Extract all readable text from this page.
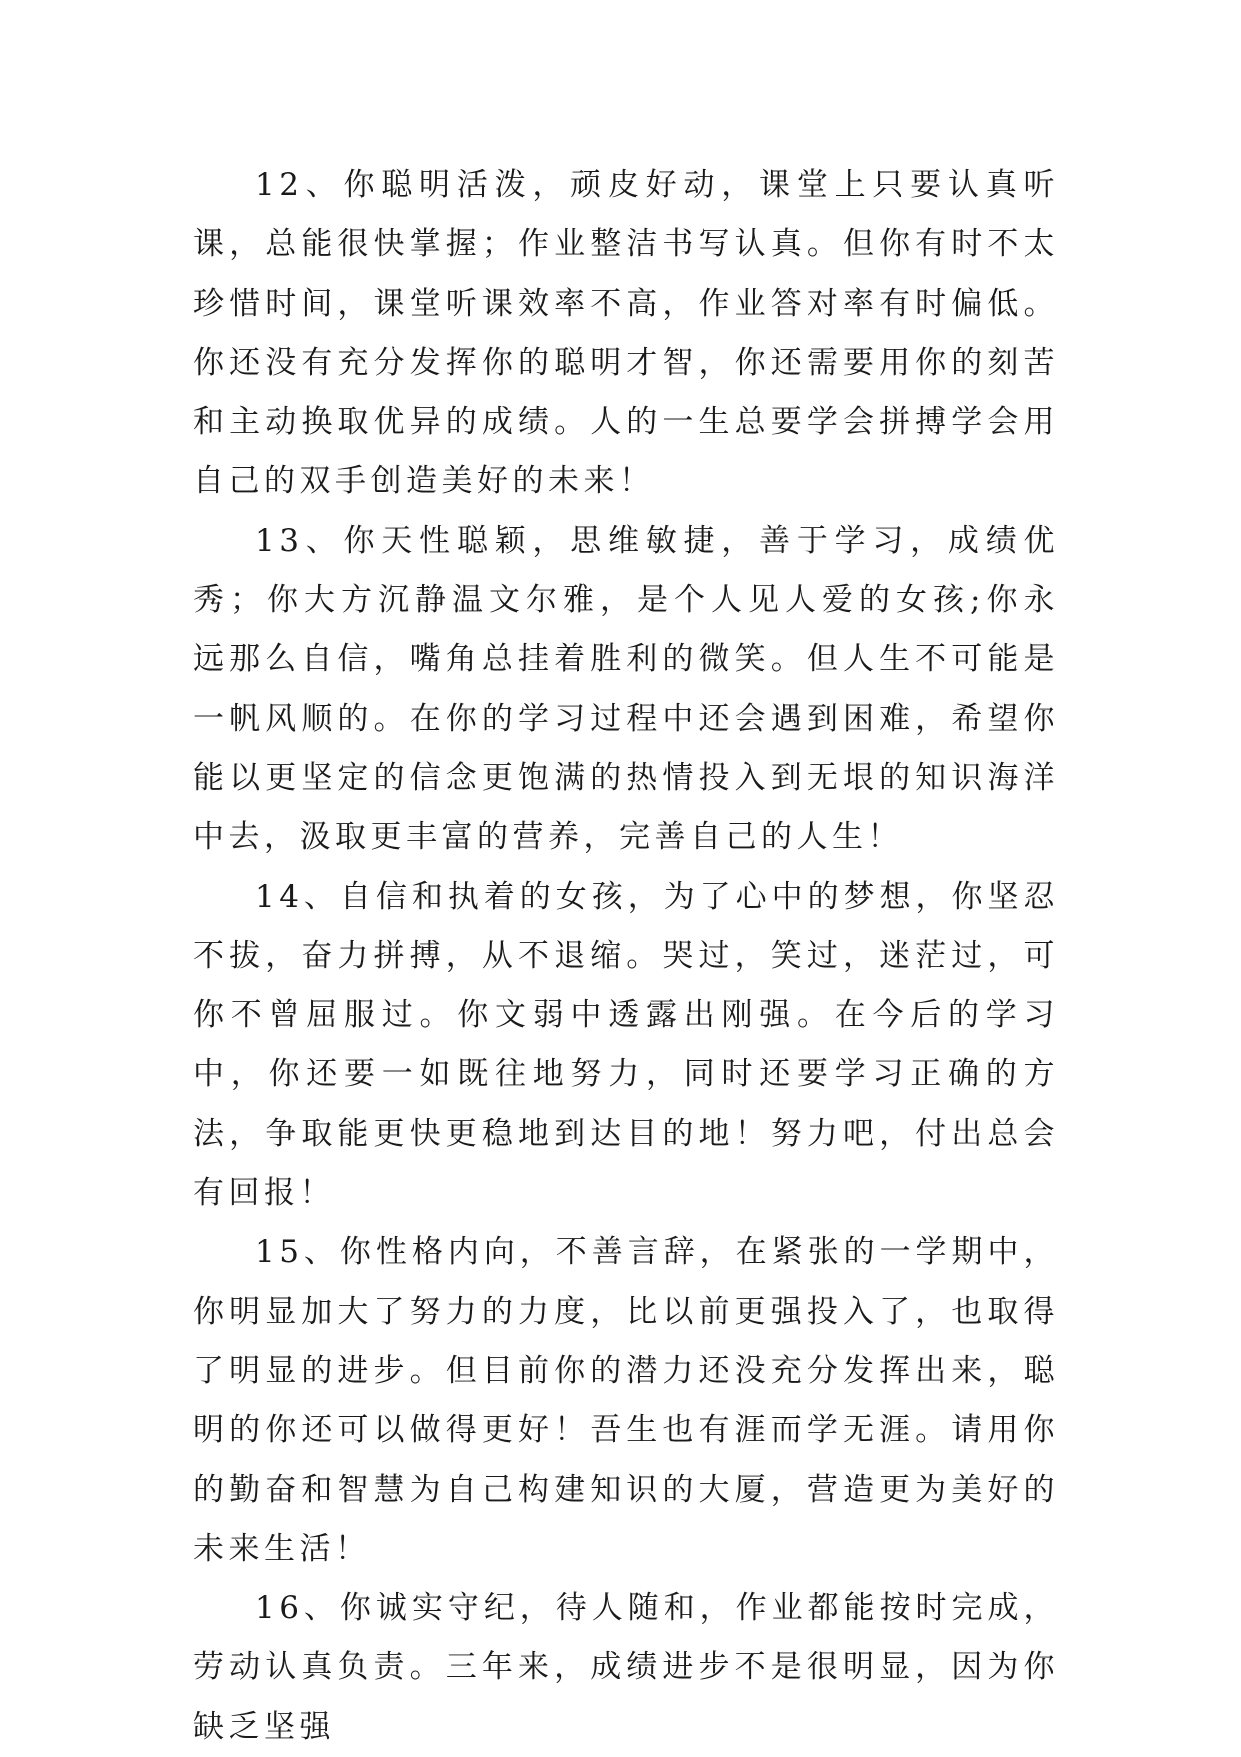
12、你聪明活泼，顽皮好动，课堂上只要认真听课，总能很快掌握；作业整洁书写认真。但你有时不太珍惜时间，课堂听课效率不高，作业答对率有时偏低。你还没有充分发挥你的聪明才智，你还需要用你的刻苦和主动换取优异的成绩。人的一生总要学会拼搏学会用自己的双手创造美好的未来！

13、你天性聪颖，思维敏捷，善于学习，成绩优秀；你大方沉静温文尔雅，是个人见人爱的女孩;你永远那么自信，嘴角总挂着胜利的微笑。但人生不可能是一帆风顺的。在你的学习过程中还会遇到困难，希望你能以更坚定的信念更饱满的热情投入到无垠的知识海洋中去，汲取更丰富的营养，完善自己的人生！

14、自信和执着的女孩，为了心中的梦想，你坚忍不拔，奋力拼搏，从不退缩。哭过，笑过，迷茫过，可你不曾屈服过。你文弱中透露出刚强。在今后的学习中，你还要一如既往地努力，同时还要学习正确的方法，争取能更快更稳地到达目的地！努力吧，付出总会有回报！

15、你性格内向，不善言辞，在紧张的一学期中，你明显加大了努力的力度，比以前更强投入了，也取得了明显的进步。但目前你的潜力还没充分发挥出来，聪明的你还可以做得更好！吾生也有涯而学无涯。请用你的勤奋和智慧为自己构建知识的大厦，营造更为美好的未来生活！

16、你诚实守纪，待人随和，作业都能按时完成，劳动认真负责。三年来，成绩进步不是很明显，因为你缺乏坚强
